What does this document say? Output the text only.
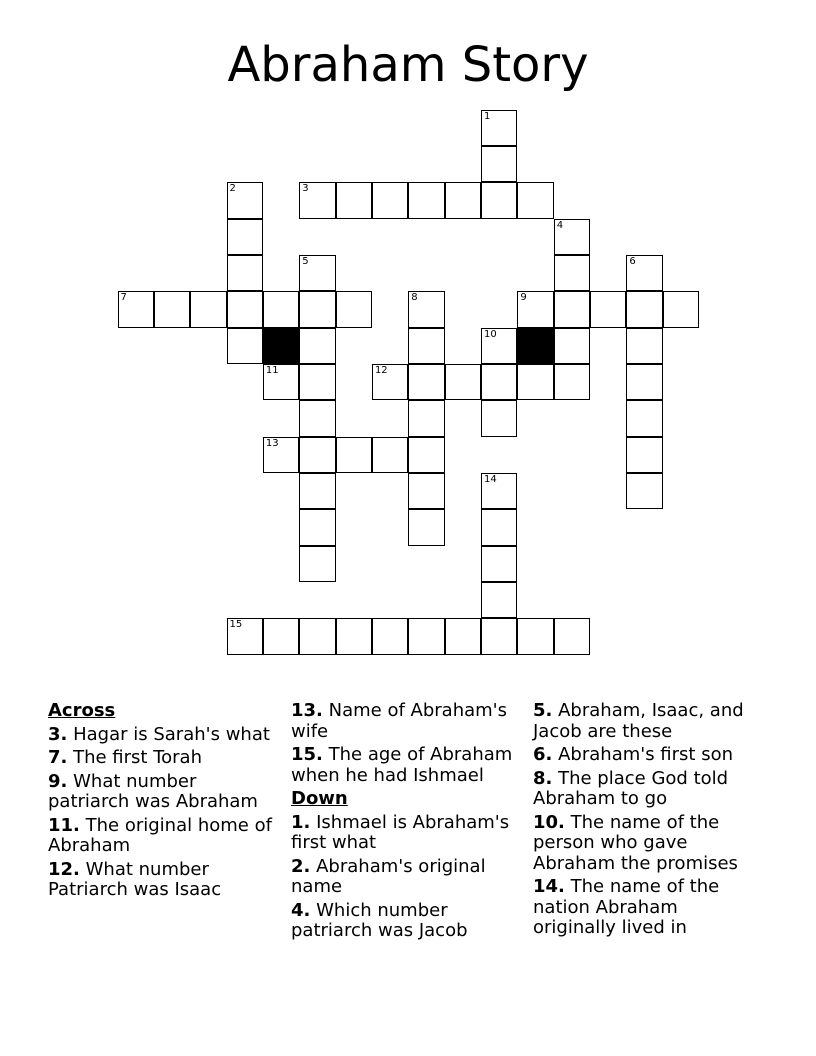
Abraham Story
1
2	3
4
5	6
7	8	9
10
11	12
13
14
15
Across
3. Hagar is Sarah's what
7. The first Torah
9. What number patriarch was Abraham
11. The original home of Abraham
12. What number Patriarch was Isaac
13. Name of Abraham's wife
15. The age of Abraham when he had Ishmael
Down
1. Ishmael is Abraham's first what
2. Abraham's original name
4. Which number patriarch was Jacob
5. Abraham, Isaac, and Jacob are these
6. Abraham's first son
8. The place God told Abraham to go
10. The name of the person who gave Abraham the promises
14. The name of the nation Abraham originally lived in
